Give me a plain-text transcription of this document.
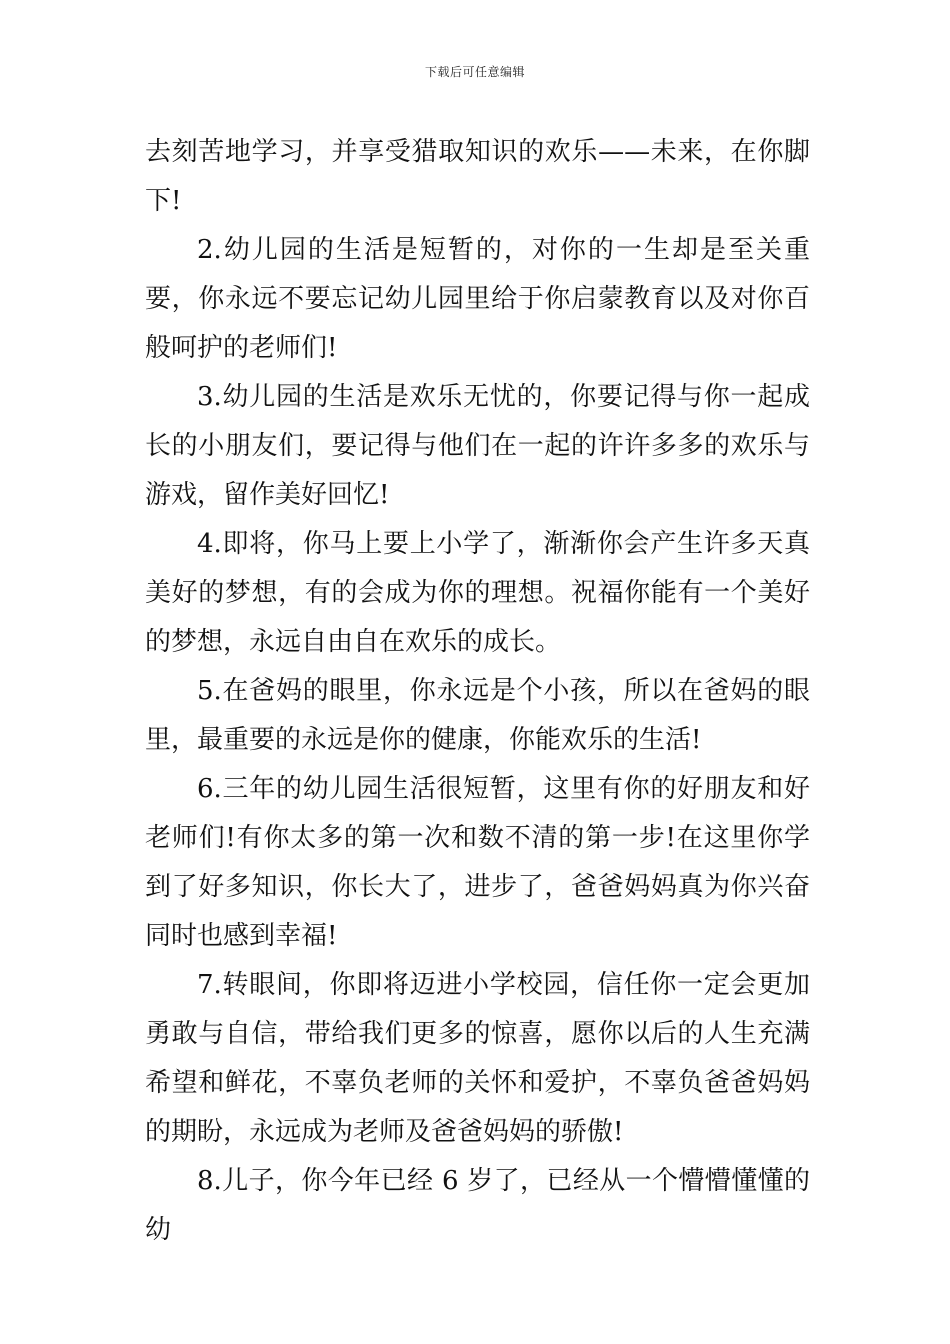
下载后可任意编辑

去刻苦地学习，并享受猎取知识的欢乐——未来，在你脚下!

2.幼儿园的生活是短暂的，对你的一生却是至关重要，你永远不要忘记幼儿园里给于你启蒙教育以及对你百般呵护的老师们!

3.幼儿园的生活是欢乐无忧的，你要记得与你一起成长的小朋友们，要记得与他们在一起的许许多多的欢乐与游戏，留作美好回忆!

4.即将，你马上要上小学了，渐渐你会产生许多天真美好的梦想，有的会成为你的理想。祝福你能有一个美好的梦想，永远自由自在欢乐的成长。

5.在爸妈的眼里，你永远是个小孩，所以在爸妈的眼里，最重要的永远是你的健康，你能欢乐的生活!

6.三年的幼儿园生活很短暂，这里有你的好朋友和好老师们!有你太多的第一次和数不清的第一步!在这里你学到了好多知识，你长大了，进步了，爸爸妈妈真为你兴奋同时也感到幸福!

7.转眼间，你即将迈进小学校园，信任你一定会更加勇敢与自信，带给我们更多的惊喜，愿你以后的人生充满希望和鲜花，不辜负老师的关怀和爱护，不辜负爸爸妈妈的期盼，永远成为老师及爸爸妈妈的骄傲!

8.儿子，你今年已经 6 岁了，已经从一个懵懵懂懂的幼
